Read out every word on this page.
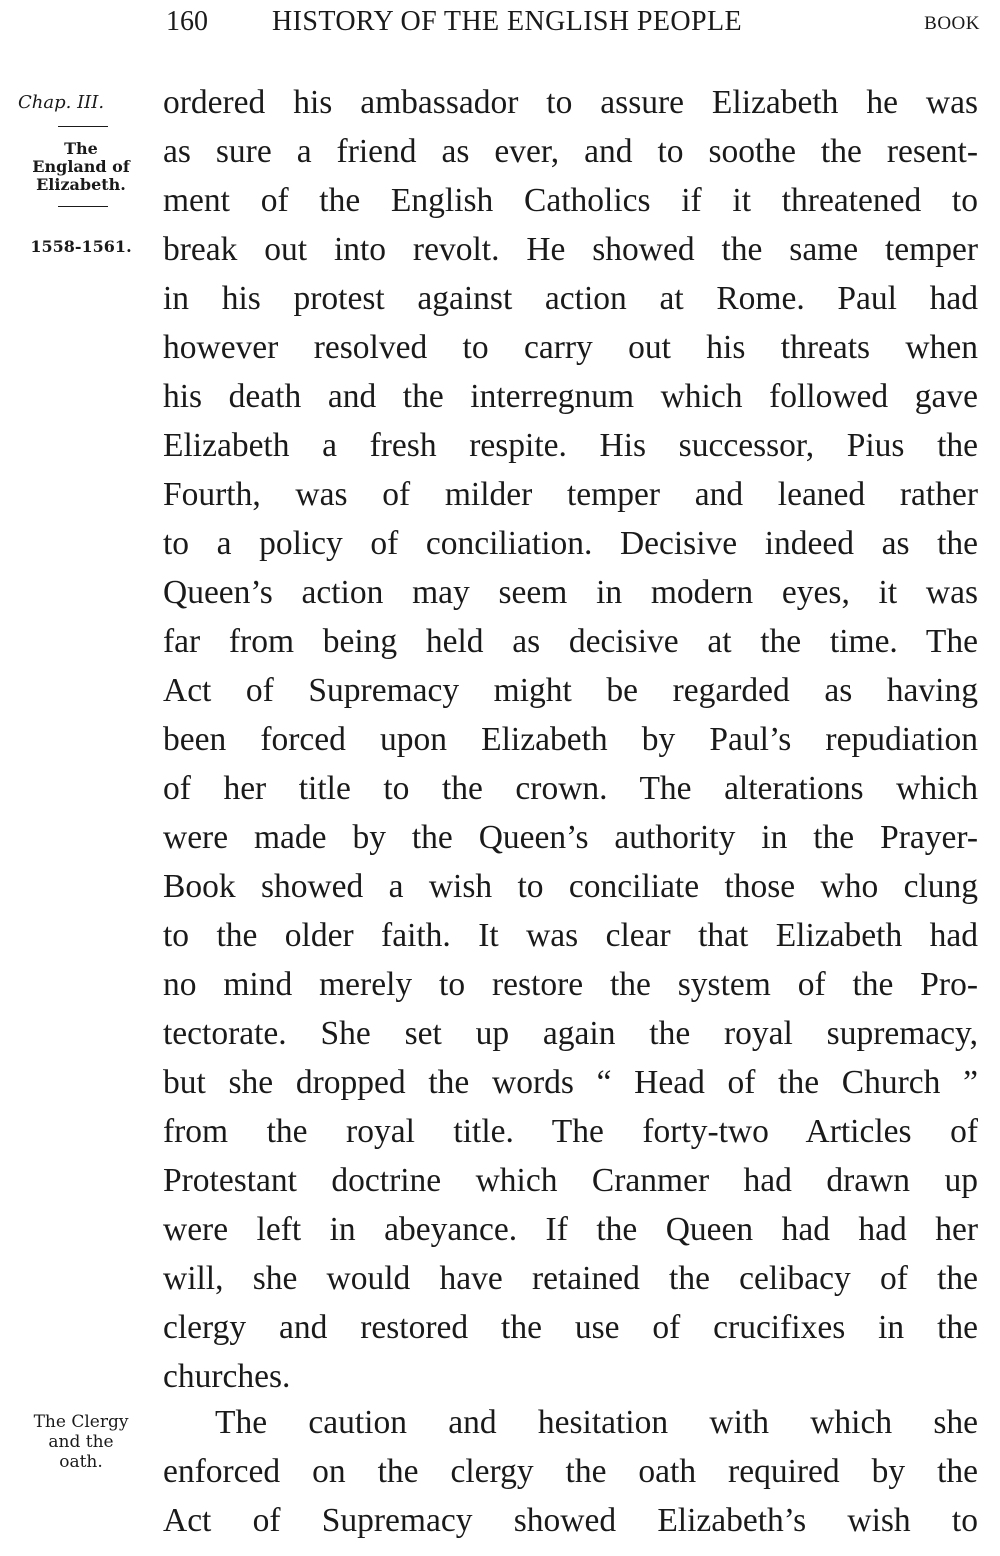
160 HISTORY OF THE ENGLISH PEOPLE	BOOK
Chap. III.
The
England of
Elizabeth.
1558-1561.
The Clergy
and the
oath.
ordered his ambassador to assure Elizabeth he was
as sure a friend as ever, and to soothe the resent-
ment of the English Catholics if it threatened to
break out into revolt. He showed the same temper
in his protest against action at Rome. Paul had
however resolved to carry out his threats when
his death and the interregnum which followed gave
Elizabeth a fresh respite. His successor, Pius the
Fourth, was of milder temper and leaned rather
to a policy of conciliation. Decisive indeed as the
Queen’s action may seem in modern eyes, it was
far from being held as decisive at the time. The
Act of Supremacy might be regarded as having
been forced upon Elizabeth by Paul’s repudiation
of her title to the crown. The alterations which
were made by the Queen’s authority in the Prayer-
Book showed a wish to conciliate those who clung
to the older faith. It was clear that Elizabeth had
no mind merely to restore the system of the Pro-
tectorate. She set up again the royal supremacy,
but she dropped the words “ Head of the Church ”
from the royal title. The forty-two Articles of
Protestant doctrine which Cranmer had drawn up
were left in abeyance. If the Queen had had her
will, she would have retained the celibacy of the
clergy and restored the use of crucifixes in the
churches.
The caution and hesitation with which she
enforced on the clergy the oath required by the
Act of Supremacy showed Elizabeth’s wish to
